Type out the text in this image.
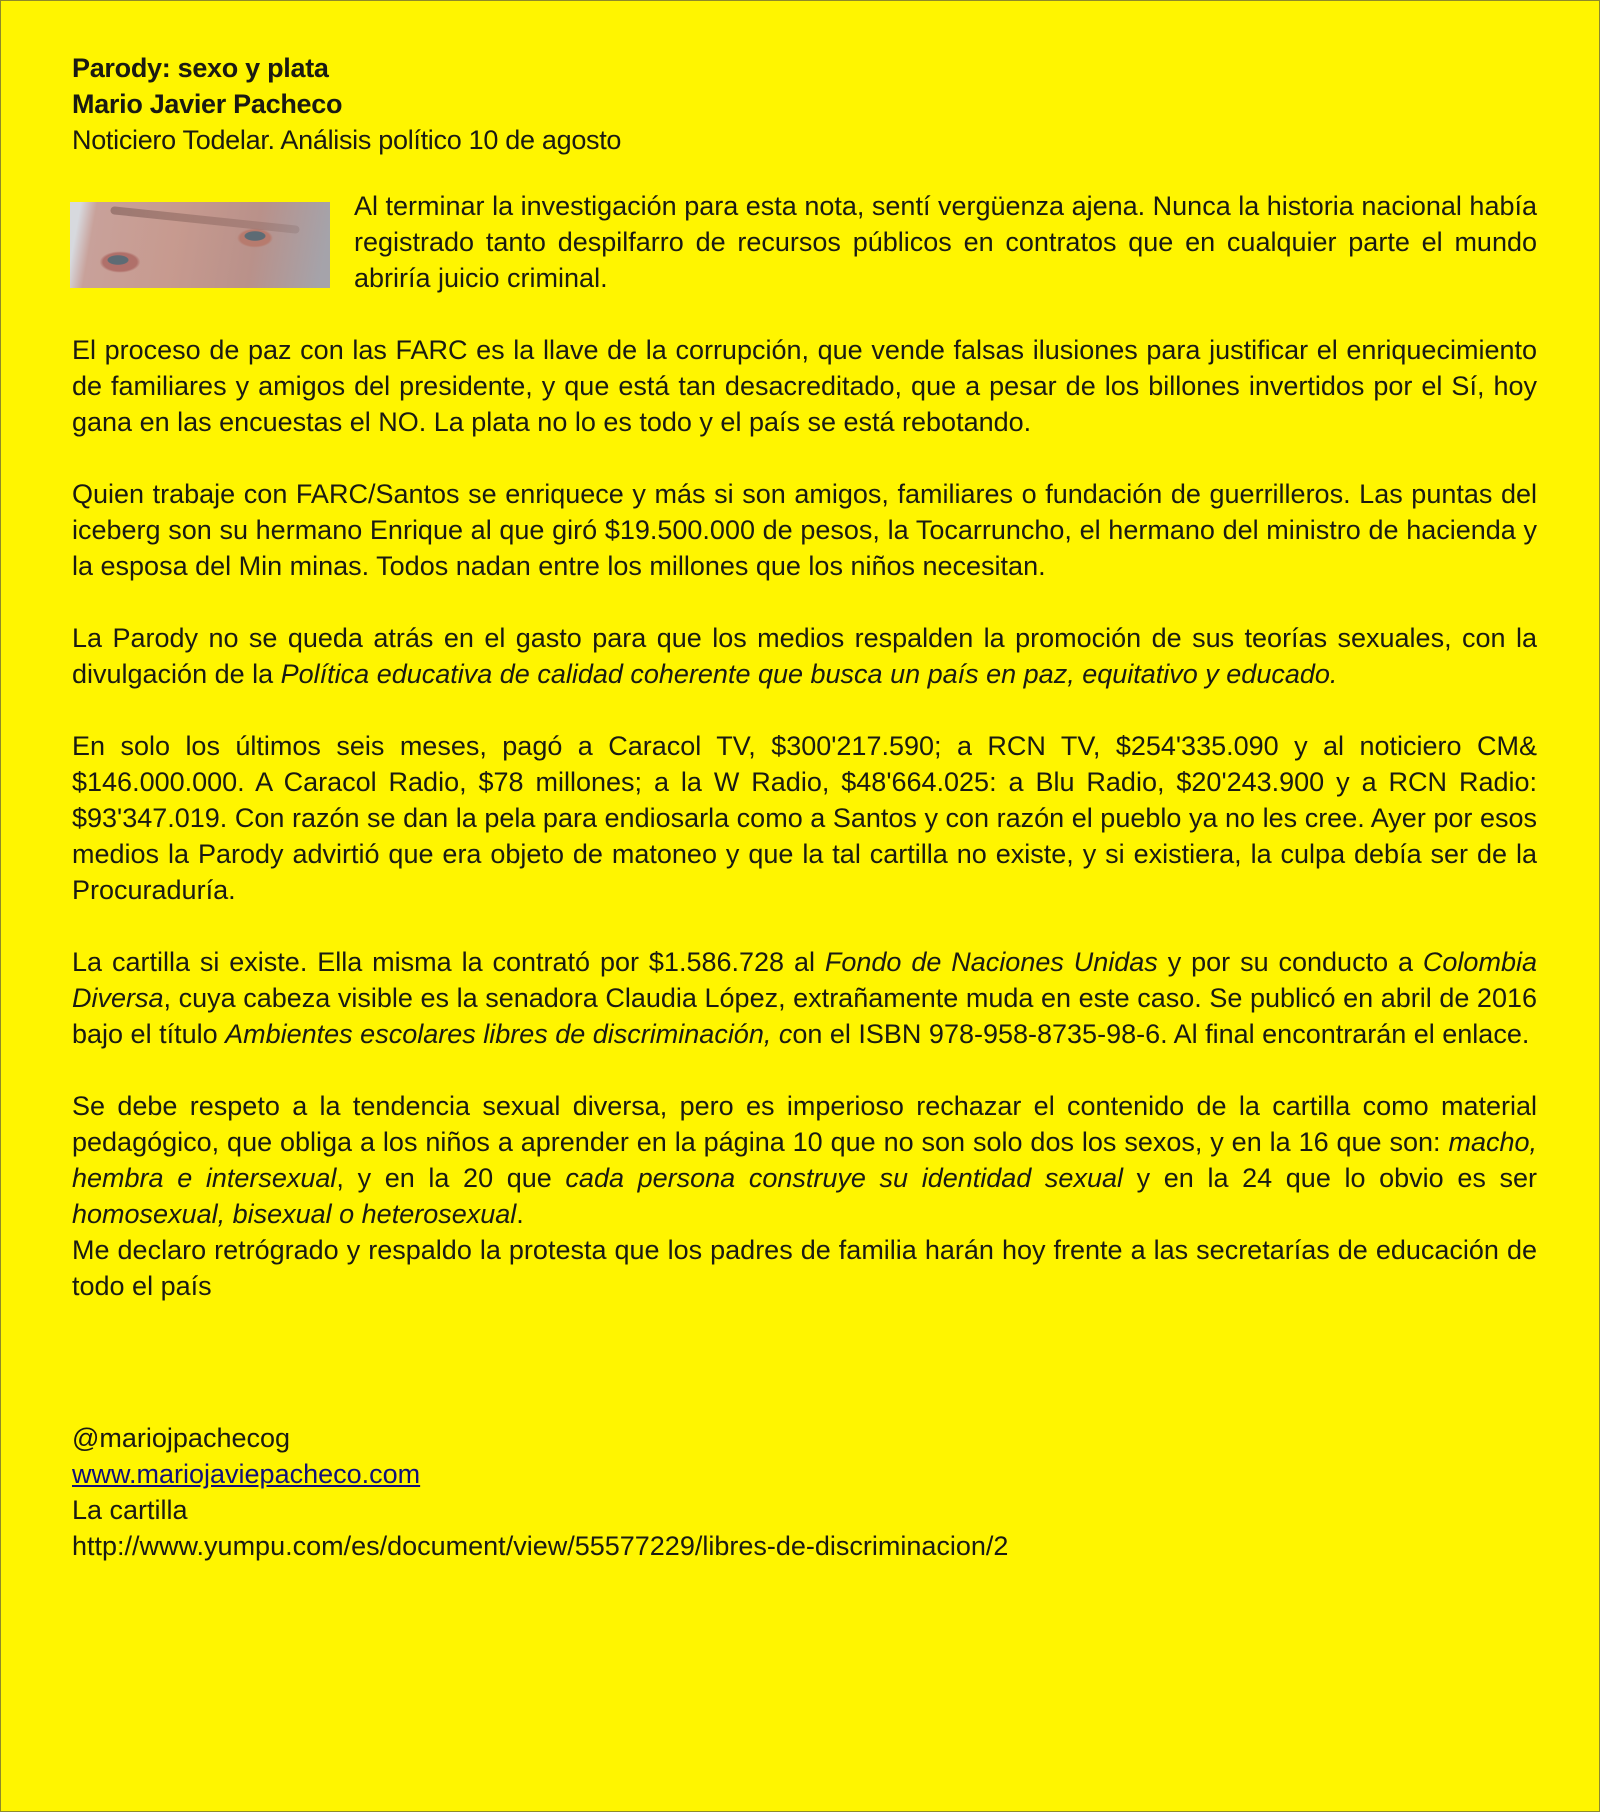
Parody: sexo y plata
Mario Javier Pacheco
Noticiero Todelar. Análisis político 10 de agosto

Al terminar la investigación para esta nota, sentí vergüenza ajena. Nunca la historia nacional había registrado tanto despilfarro de recursos públicos en contratos que en cualquier parte el mundo abriría juicio criminal.

El proceso de paz con las FARC es la llave de la corrupción, que vende falsas ilusiones para justificar el enriquecimiento de familiares y amigos del presidente, y que está tan desacreditado, que a pesar de los billones invertidos por el Sí, hoy gana en las encuestas el NO. La plata no lo es todo y el país se está rebotando.

Quien trabaje con FARC/Santos se enriquece y más si son amigos, familiares o fundación de guerrilleros. Las puntas del iceberg son su hermano Enrique al que giró $19.500.000 de pesos, la Tocarruncho, el hermano del ministro de hacienda y la esposa del Min minas. Todos nadan entre los millones que los niños necesitan.

La Parody no se queda atrás en el gasto para que los medios respalden la promoción de sus teorías sexuales, con la divulgación de la Política educativa de calidad coherente que busca un país en paz, equitativo y educado.

En solo los últimos seis meses, pagó a Caracol TV, $300'217.590; a RCN TV, $254'335.090 y al noticiero CM& $146.000.000. A Caracol Radio, $78 millones; a la W Radio, $48'664.025: a Blu Radio, $20'243.900 y a RCN Radio: $93'347.019. Con razón se dan la pela para endiosarla como a Santos y con razón el pueblo ya no les cree. Ayer por esos medios la Parody advirtió que era objeto de matoneo y que la tal cartilla no existe, y si existiera, la culpa debía ser de la Procuraduría.

La cartilla si existe. Ella misma la contrató por $1.586.728 al Fondo de Naciones Unidas y por su conducto a Colombia Diversa, cuya cabeza visible es la senadora Claudia López, extrañamente muda en este caso. Se publicó en abril de 2016 bajo el título Ambientes escolares libres de discriminación, con el ISBN 978-958-8735-98-6. Al final encontrarán el enlace.

Se debe respeto a la tendencia sexual diversa, pero es imperioso rechazar el contenido de la cartilla como material pedagógico, que obliga a los niños a aprender en la página 10 que no son solo dos los sexos, y en la 16 que son: macho, hembra e intersexual, y en la 20 que cada persona construye su identidad sexual y en la 24 que lo obvio es ser homosexual, bisexual o heterosexual.

Me declaro retrógrado y respaldo la protesta que los padres de familia harán hoy frente a las secretarías de educación de todo el país

@mariojpachecog
www.mariojaviepacheco.com
La cartilla
http://www.yumpu.com/es/document/view/55577229/libres-de-discriminacion/2
